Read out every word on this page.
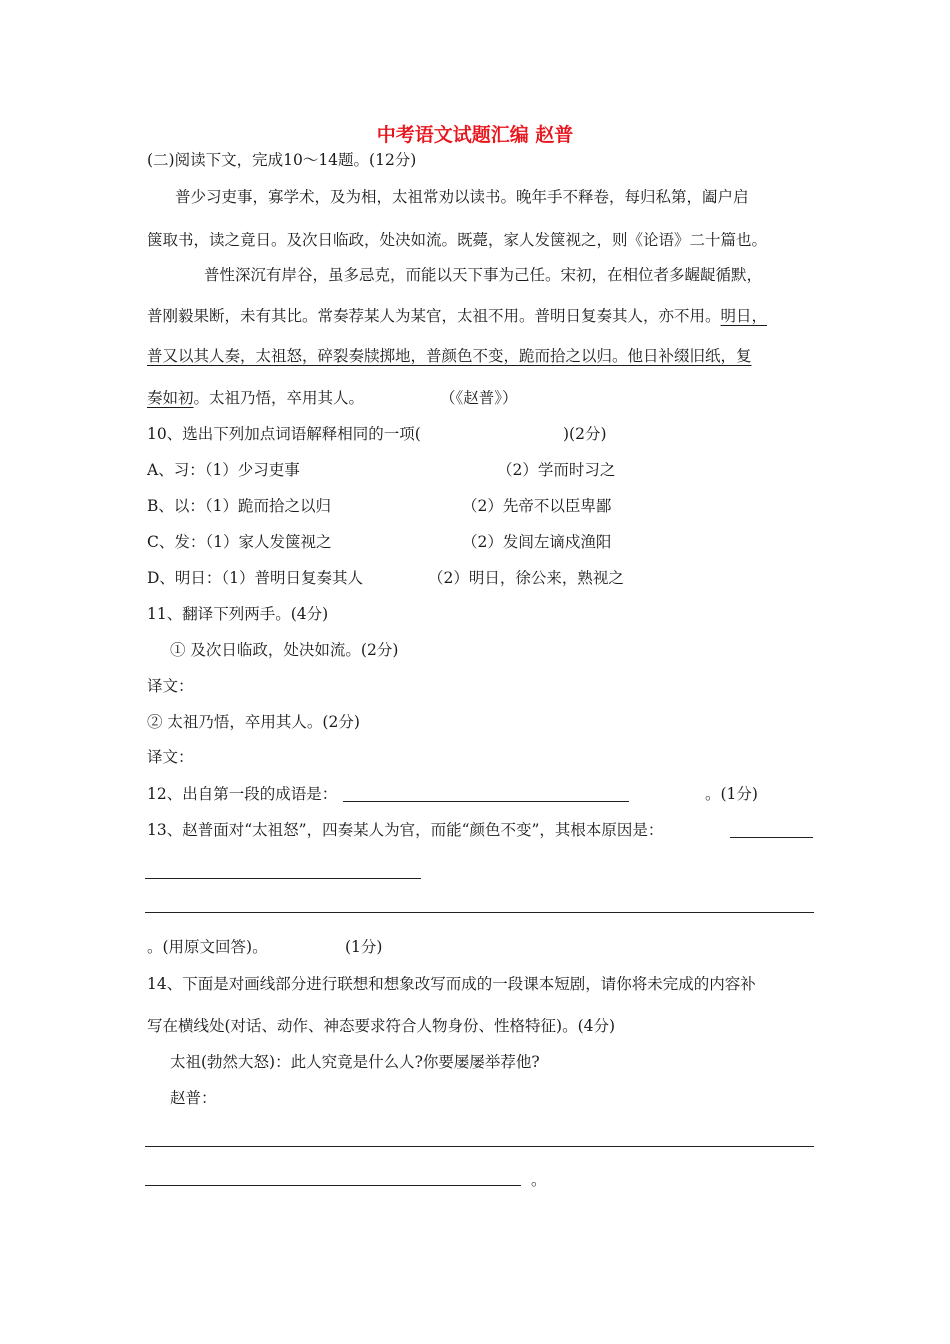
中考语文试题汇编 赵普
(二)阅读下文，完成10～14题。(12分)
普少习吏事，寡学术，及为相，太祖常劝以读书。晚年手不释卷，每归私第，阖户启
箧取书，读之竟日。及次日临政，处决如流。既薨，家人发箧视之，则《论语》二十篇也。
普性深沉有岸谷，虽多忌克，而能以天下事为己任。宋初，在相位者多龌龊循默，
普刚毅果断，未有其比。常奏荐某人为某官，太祖不用。普明日复奏其人，亦不用。明日，
普又以其人奏，太祖怒，碎裂奏牍掷地，普颜色不变，跪而拾之以归。他日补缀旧纸，复
奏如初。太祖乃悟，卒用其人。	（《赵普》）
10、选出下列加点词语解释相同的一项(	)(2分)
A、习：（1）少习吏事	（2）学而时习之
B、以：（1）跪而拾之以归	（2）先帝不以臣卑鄙
C、发：（1）家人发箧视之	（2）发闾左谪戍渔阳
D、明日：（1）普明日复奏其人	（2）明日，徐公来，熟视之
11、翻译下列两手。(4分)
① 及次日临政，处决如流。(2分)
译文：
② 太祖乃悟，卒用其人。(2分)
译文：
12、出自第一段的成语是：	。(1分)
13、赵普面对“太祖怒”，四奏某人为官，而能“颜色不变”，其根本原因是：
。(用原文回答)。	(1分)
14、下面是对画线部分进行联想和想象改写而成的一段课本短剧，请你将未完成的内容补
写在横线处(对话、动作、神态要求符合人物身份、性格特征)。(4分)
太祖(勃然大怒)：此人究竟是什么人?你要屡屡举荐他?
赵普：
。
